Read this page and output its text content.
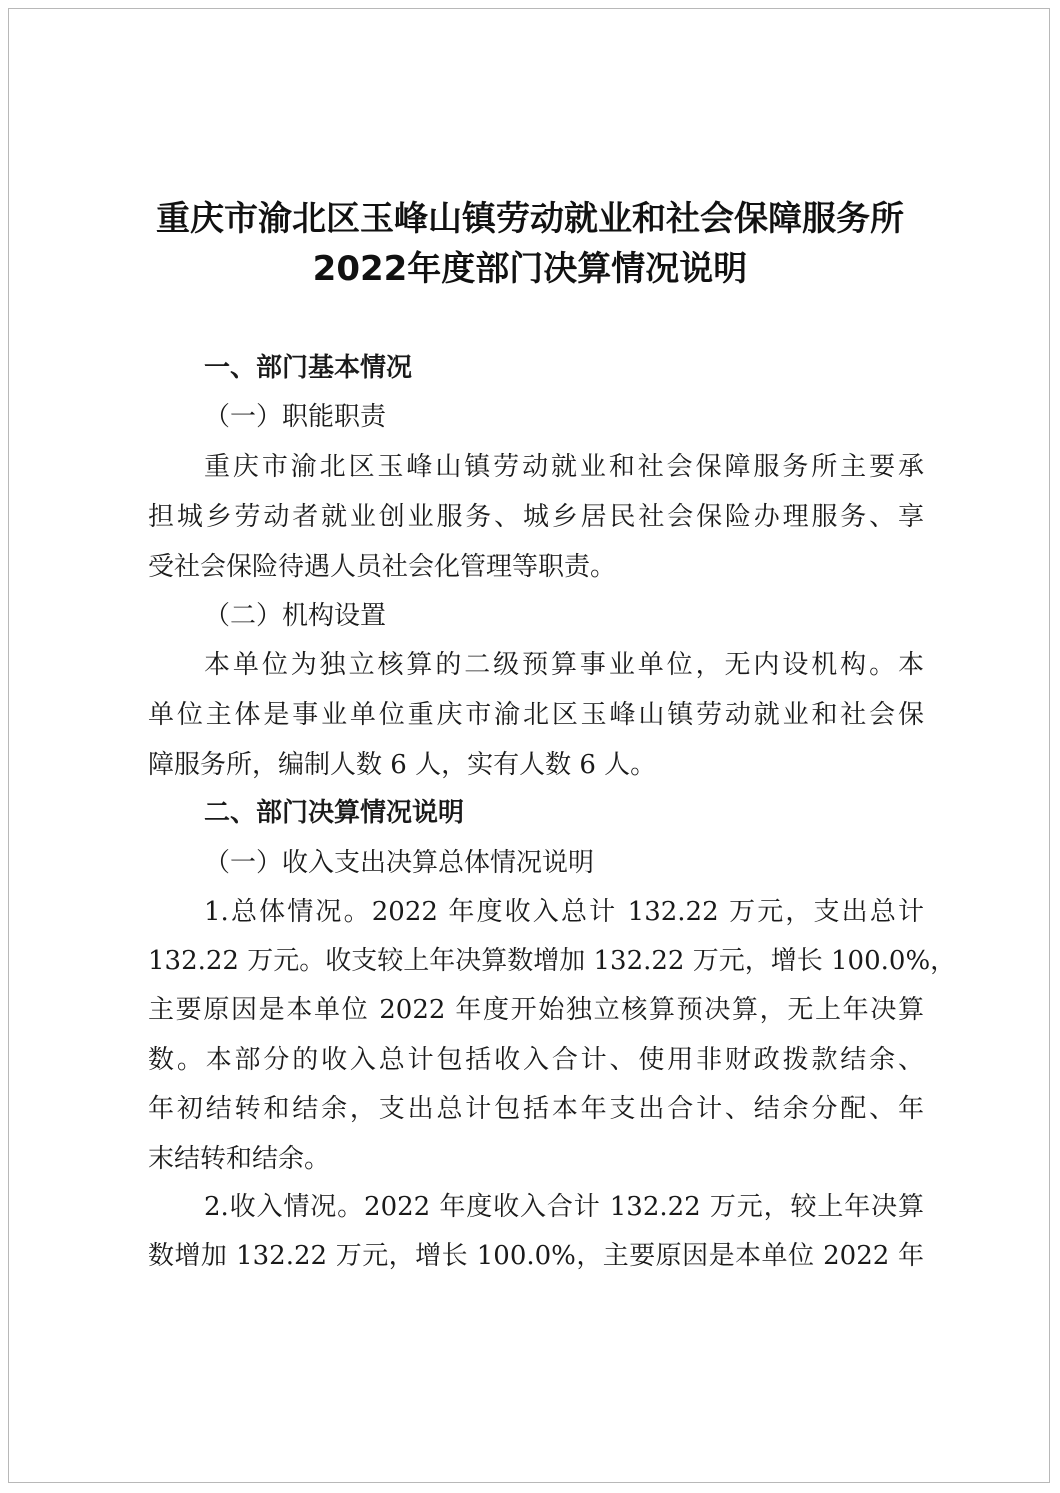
重庆市渝北区玉峰山镇劳动就业和社会保障服务所
2022年度部门决算情况说明

一、部门基本情况

（一）职能职责

重庆市渝北区玉峰山镇劳动就业和社会保障服务所主要承

担城乡劳动者就业创业服务、城乡居民社会保险办理服务、享

受社会保险待遇人员社会化管理等职责。

（二）机构设置

本单位为独立核算的二级预算事业单位，无内设机构。本

单位主体是事业单位重庆市渝北区玉峰山镇劳动就业和社会保

障服务所，编制人数 6 人，实有人数 6 人。

二、部门决算情况说明

（一）收入支出决算总体情况说明

1.总体情况。2022 年度收入总计 132.22 万元，支出总计

132.22 万元。收支较上年决算数增加 132.22 万元，增长 100.0%，

主要原因是本单位 2022 年度开始独立核算预决算，无上年决算

数。本部分的收入总计包括收入合计、使用非财政拨款结余、

年初结转和结余，支出总计包括本年支出合计、结余分配、年

末结转和结余。

2.收入情况。2022 年度收入合计 132.22 万元，较上年决算

数增加 132.22 万元，增长 100.0%，主要原因是本单位 2022 年
